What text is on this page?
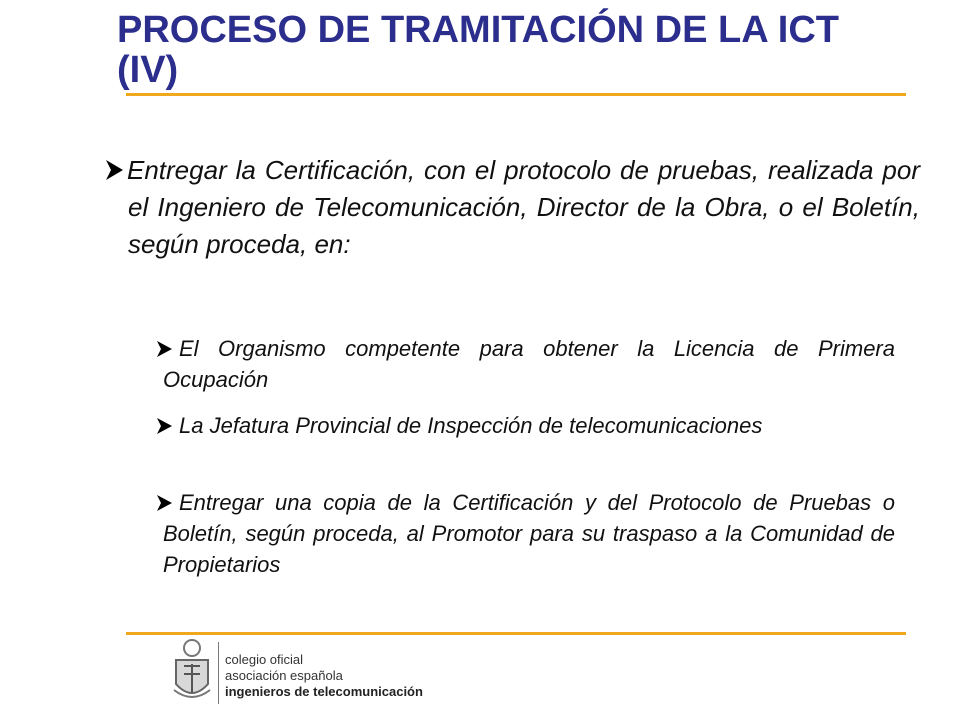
PROCESO DE TRAMITACIÓN DE LA ICT (IV)
Entregar la Certificación, con el protocolo de pruebas, realizada por el Ingeniero de Telecomunicación, Director de la Obra, o el Boletín, según proceda, en:
El Organismo competente para obtener la Licencia de Primera Ocupación
La Jefatura Provincial de Inspección de telecomunicaciones
Entregar una copia de la Certificación y del Protocolo de Pruebas o Boletín, según proceda, al Promotor para su traspaso a la Comunidad de Propietarios
colegio oficial
asociación española
ingenieros de telecomunicación
